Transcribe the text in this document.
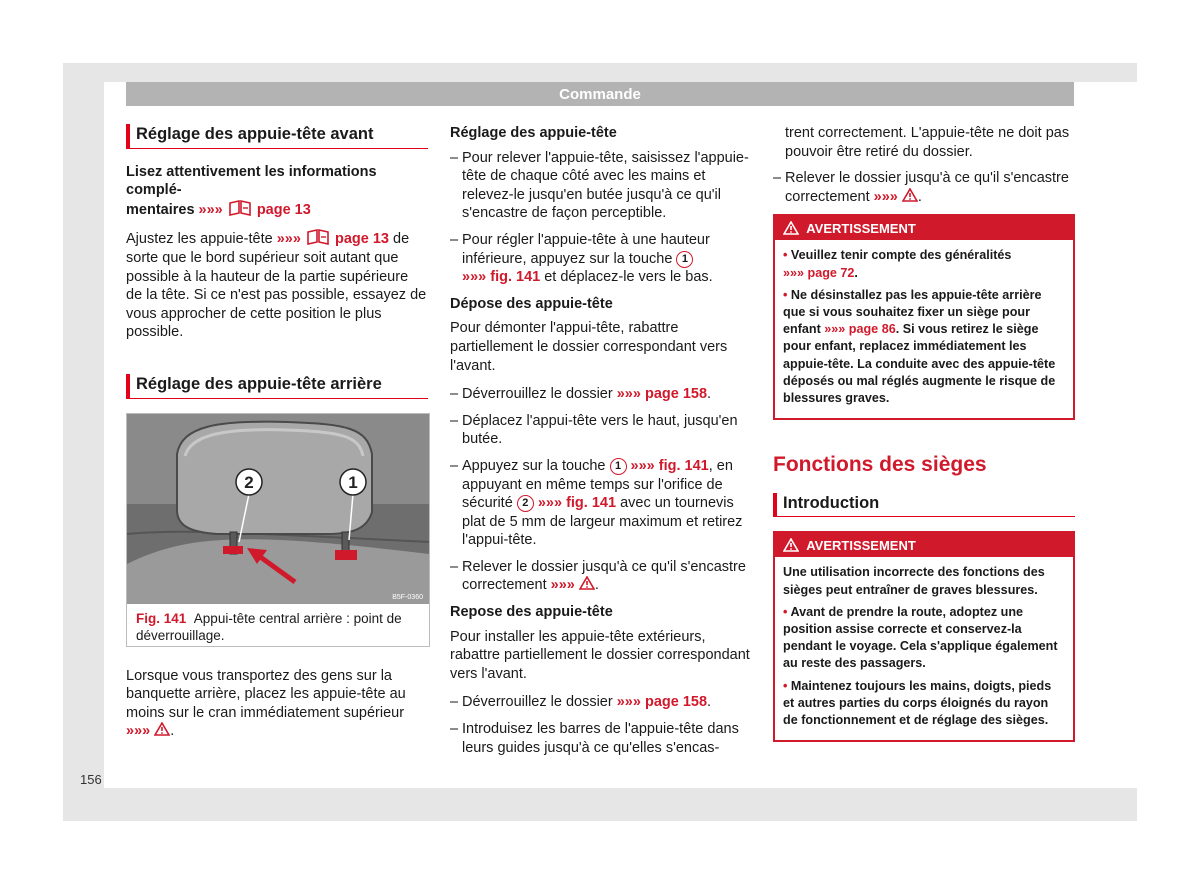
Commande
156
Réglage des appuie-tête avant

Lisez attentivement les informations complé-
mentaires »»» page 13

Ajustez les appuie-tête »»» page 13 de sorte que le bord supérieur soit autant que possible à la hauteur de la partie supérieure de la tête. Si ce n'est pas possible, essayez de vous approcher de cette position le plus possible.

Réglage des appuie-tête arrière
2	1
B5F-0360
Fig. 141 Appui-tête central arrière : point de déverrouillage.

Lorsque vous transportez des gens sur la banquette arrière, placez les appuie-tête au moins sur le cran immédiatement supérieur »»» .

Réglage des appuie-tête
– Pour relever l'appuie-tête, saisissez l'appuie-tête de chaque côté avec les mains et relevez-le jusqu'en butée jusqu'à ce qu'il s'encastre de façon perceptible.
– Pour régler l'appuie-tête à une hauteur inférieure, appuyez sur la touche 1
»»» fig. 141 et déplacez-le vers le bas.
Dépose des appuie-tête

Pour démonter l'appui-tête, rabattre partiellement le dossier correspondant vers l'avant.

– Déverrouillez le dossier »»» page 158.
– Déplacez l'appui-tête vers le haut, jusqu'en butée.
– Appuyez sur la touche 1 »»» fig. 141, en appuyant en même temps sur l'orifice de sécurité 2 »»» fig. 141 avec un tournevis plat de 5 mm de largeur maximum et retirez l'appui-tête.
– Relever le dossier jusqu'à ce qu'il s'encastre correctement »»» .
Repose des appuie-tête

Pour installer les appuie-tête extérieurs, rabattre partiellement le dossier correspondant vers l'avant.

– Déverrouillez le dossier »»» page 158.
– Introduisez les barres de l'appuie-tête dans leurs guides jusqu'à ce qu'elles s'encas-

trent correctement. L'appuie-tête ne doit pas pouvoir être retiré du dossier.

– Relever le dossier jusqu'à ce qu'il s'encastre correctement »»» .
AVERTISSEMENT

• Veuillez tenir compte des généralités »»» page 72.

• Ne désinstallez pas les appuie-tête arrière que si vous souhaitez fixer un siège pour enfant »»» page 86. Si vous retirez le siège pour enfant, replacez immédiatement les appuie-tête. La conduite avec des appuie-tête déposés ou mal réglés augmente le risque de blessures graves.

Fonctions des sièges
Introduction
AVERTISSEMENT

Une utilisation incorrecte des fonctions des sièges peut entraîner de graves blessures.

• Avant de prendre la route, adoptez une position assise correcte et conservez-la pendant le voyage. Cela s'applique également au reste des passagers.

• Maintenez toujours les mains, doigts, pieds et autres parties du corps éloignés du rayon de fonctionnement et de réglage des sièges.
